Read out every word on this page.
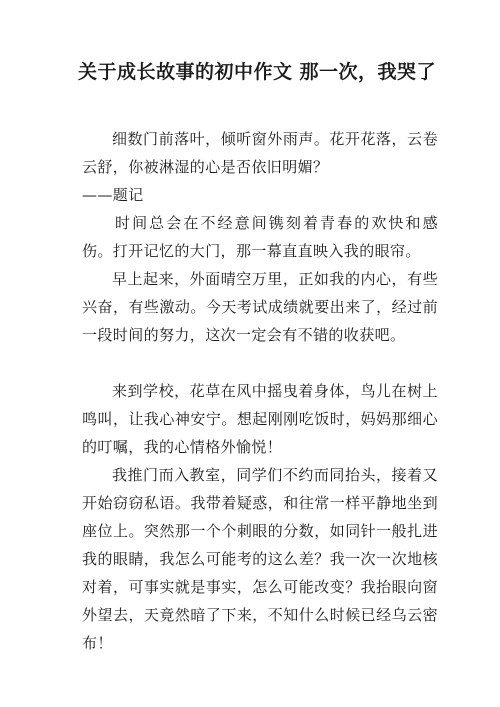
关于成长故事的初中作文 那一次，我哭了

细数门前落叶，倾听窗外雨声。花开花落，云卷云舒，你被淋湿的心是否依旧明媚？

——题记

时间总会在不经意间镌刻着青春的欢快和感伤。打开记忆的大门，那一幕直直映入我的眼帘。

早上起来，外面晴空万里，正如我的内心，有些兴奋，有些激动。今天考试成绩就要出来了，经过前一段时间的努力，这次一定会有不错的收获吧。

来到学校，花草在风中摇曳着身体，鸟儿在树上鸣叫，让我心神安宁。想起刚刚吃饭时，妈妈那细心的叮嘱，我的心情格外愉悦！

我推门而入教室，同学们不约而同抬头，接着又开始窃窃私语。我带着疑惑，和往常一样平静地坐到座位上。突然那一个个刺眼的分数，如同针一般扎进我的眼睛，我怎么可能考的这么差？我一次一次地核对着，可事实就是事实，怎么可能改变？我抬眼向窗外望去，天竟然暗了下来，不知什么时候已经乌云密布！
